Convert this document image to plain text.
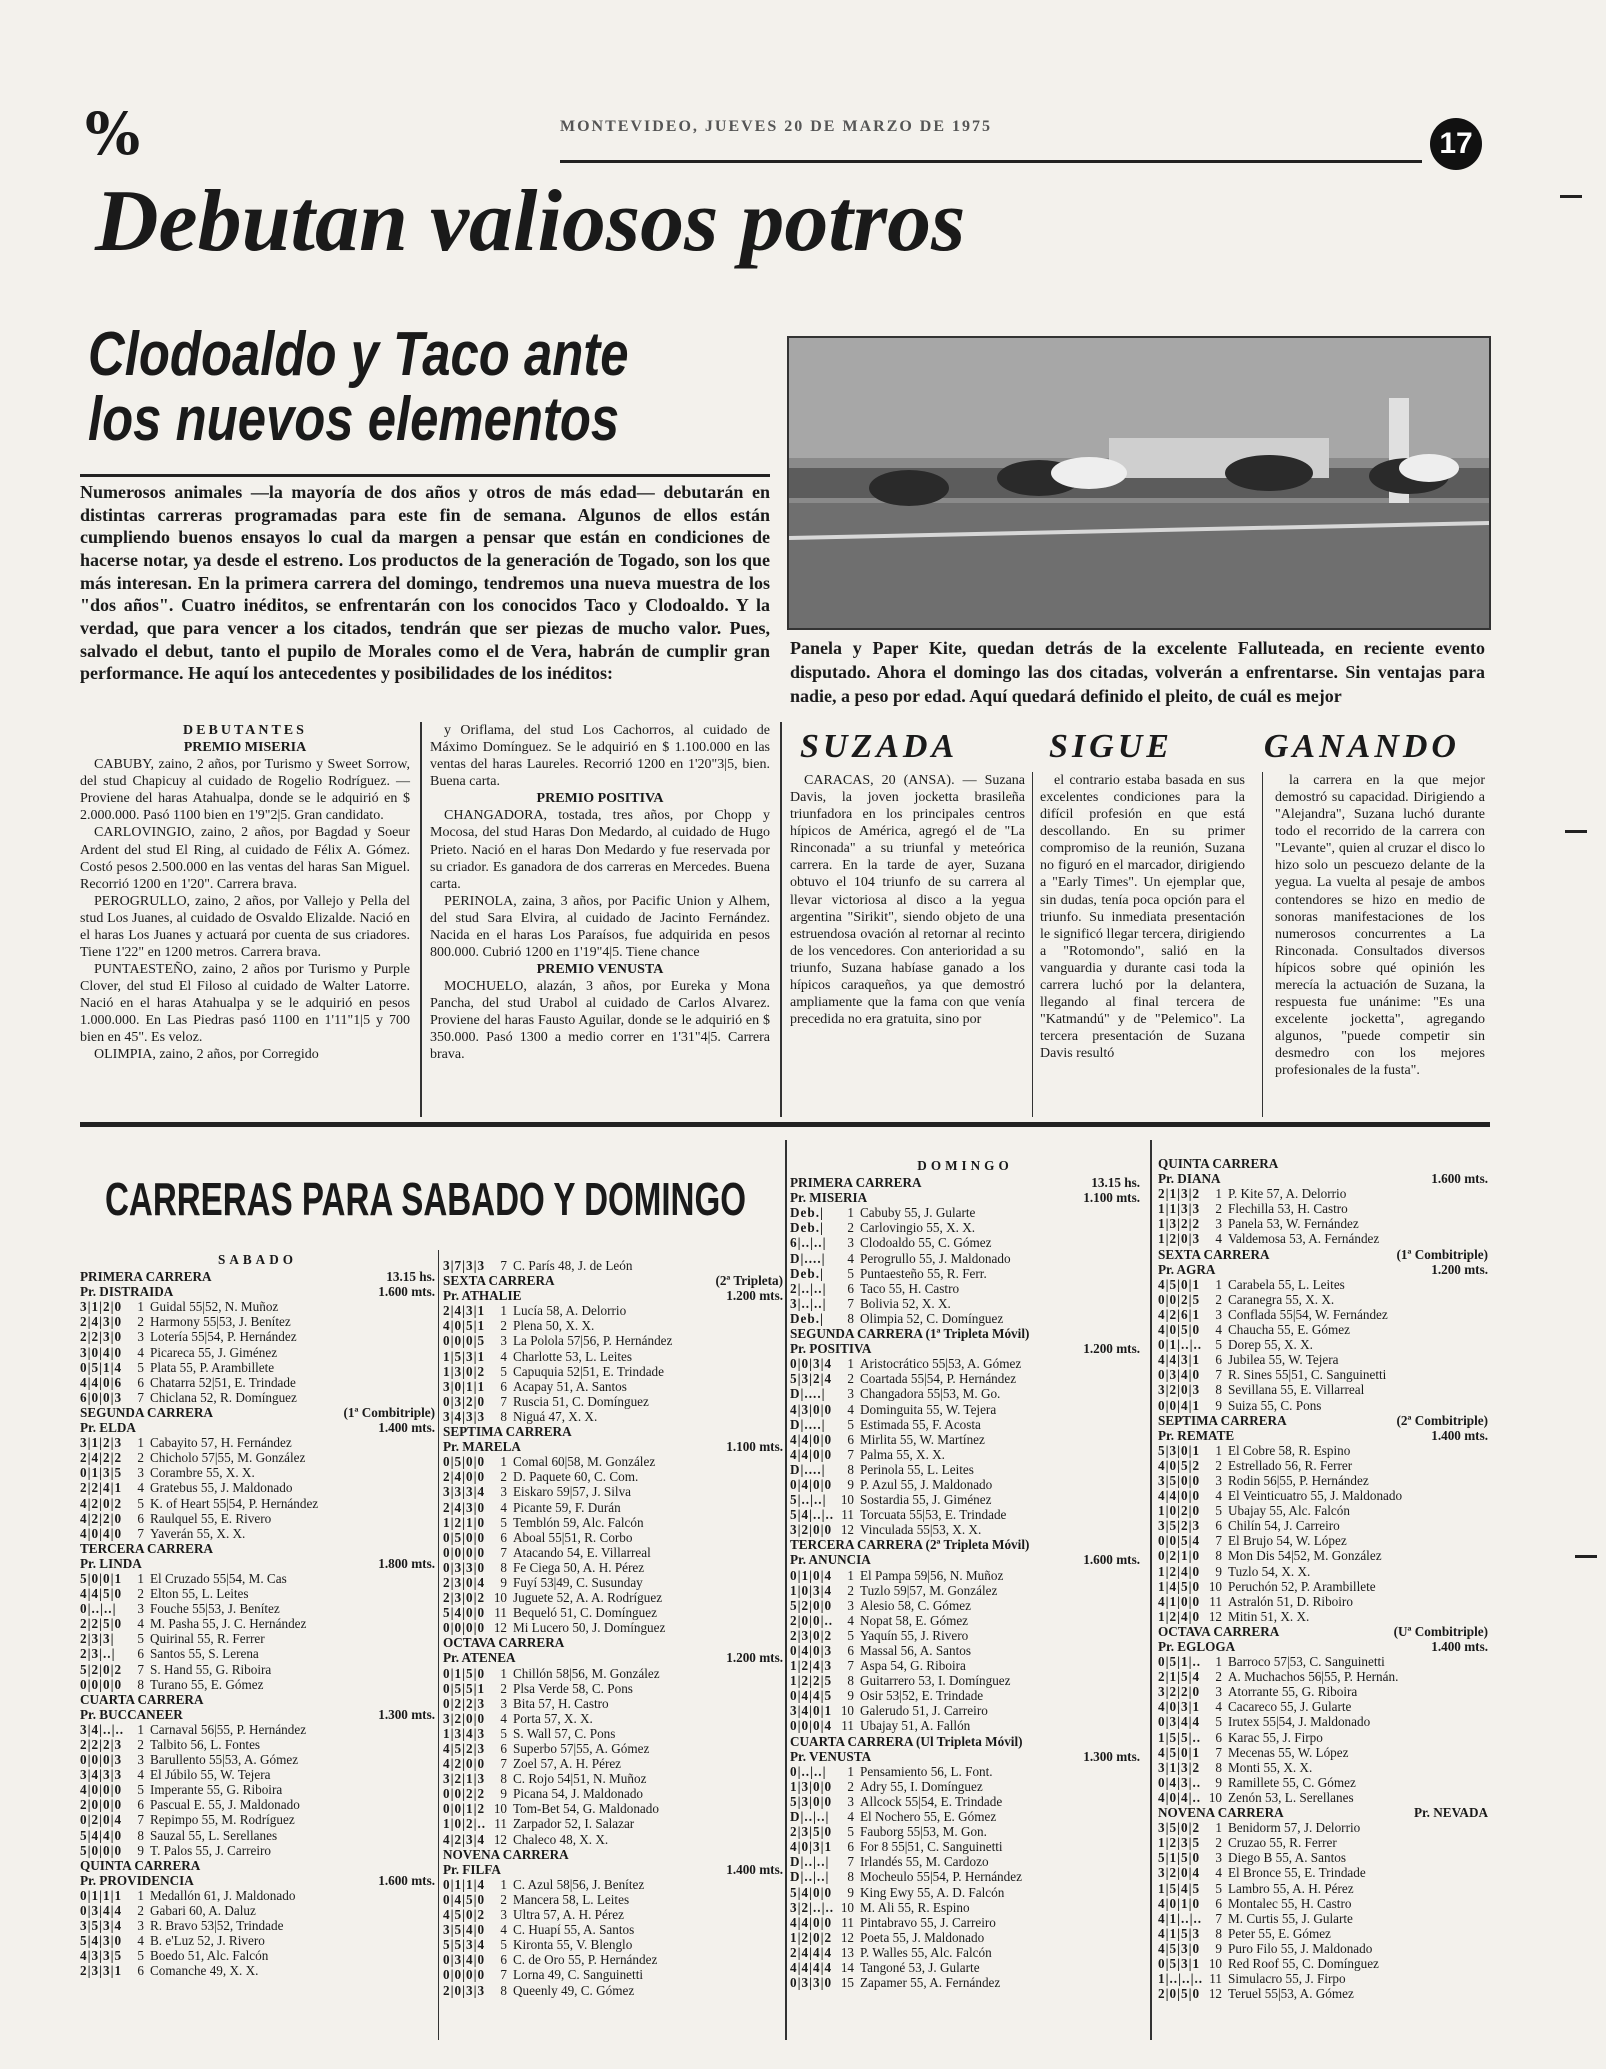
%	MONTEVIDEO, JUEVES 20 DE MARZO DE 1975
17
Debutan valiosos potros
Clodoaldo y Taco ante
los nuevos elementos
Numerosos animales —la mayoría de dos años y otros de más edad— debutarán en distintas carreras programadas para este fin de semana. Algunos de ellos están cumpliendo buenos ensayos lo cual da margen a pensar que están en condiciones de hacerse notar, ya desde el estreno. Los productos de la generación de Togado, son los que más interesan. En la primera carrera del domingo, tendremos una nueva muestra de los "dos años". Cuatro inéditos, se enfrentarán con los conocidos Taco y Clodoaldo. Y la verdad, que para vencer a los citados, tendrán que ser piezas de mucho valor. Pues, salvado el debut, tanto el pupilo de Morales como el de Vera, habrán de cumplir gran performance. He aquí los antecedentes y posibilidades de los inéditos:
Panela y Paper Kite, quedan detrás de la excelente Falluteada, en reciente evento disputado. Ahora el domingo las dos citadas, volverán a enfrentarse. Sin ventajas para nadie, a peso por edad. Aquí quedará definido el pleito, de cuál es mejor

DEBUTANTES

PREMIO MISERIA

CABUBY, zaino, 2 años, por Turismo y Sweet Sorrow, del stud Chapicuy al cuidado de Rogelio Rodríguez. — Proviene del haras Atahualpa, donde se le adquirió en $ 2.000.000. Pasó 1100 bien en 1'9"2|5. Gran candidato.

CARLOVINGIO, zaino, 2 años, por Bagdad y Soeur Ardent del stud El Ring, al cuidado de Félix A. Gómez. Costó pesos 2.500.000 en las ventas del haras San Miguel. Recorrió 1200 en 1'20". Carrera brava.

PEROGRULLO, zaino, 2 años, por Vallejo y Pella del stud Los Juanes, al cuidado de Osvaldo Elizalde. Nació en el haras Los Juanes y actuará por cuenta de sus criadores. Tiene 1'22" en 1200 metros. Carrera brava.

PUNTAESTEÑO, zaino, 2 años por Turismo y Purple Clover, del stud El Filoso al cuidado de Walter Latorre. Nació en el haras Atahualpa y se le adquirió en pesos 1.000.000. En Las Piedras pasó 1100 en 1'11"1|5 y 700 bien en 45". Es veloz.

OLIMPIA, zaino, 2 años, por Corregido

y Oriflama, del stud Los Cachorros, al cuidado de Máximo Domínguez. Se le adquirió en $ 1.100.000 en las ventas del haras Laureles. Recorrió 1200 en 1'20"3|5, bien. Buena carta.

PREMIO POSITIVA

CHANGADORA, tostada, tres años, por Chopp y Mocosa, del stud Haras Don Medardo, al cuidado de Hugo Prieto. Nació en el haras Don Medardo y fue reservada por su criador. Es ganadora de dos carreras en Mercedes. Buena carta.

PERINOLA, zaina, 3 años, por Pacific Union y Alhem, del stud Sara Elvira, al cuidado de Jacinto Fernández. Nacida en el haras Los Paraísos, fue adquirida en pesos 800.000. Cubrió 1200 en 1'19"4|5. Tiene chance

PREMIO VENUSTA

MOCHUELO, alazán, 3 años, por Eureka y Mona Pancha, del stud Urabol al cuidado de Carlos Alvarez. Proviene del haras Fausto Aguilar, donde se le adquirió en $ 350.000. Pasó 1300 a medio correr en 1'31"4|5. Carrera brava.

SUZADA	SIGUE	GANANDO

CARACAS, 20 (ANSA). — Suzana Davis, la joven jocketta brasileña triunfadora en los principales centros hípicos de América, agregó el de "La Rinconada" a su triunfal y meteórica carrera. En la tarde de ayer, Suzana obtuvo el 104 triunfo de su carrera al llevar victoriosa al disco a la yegua argentina "Sirikit", siendo objeto de una estruendosa ovación al retornar al recinto de los vencedores. Con anterioridad a su triunfo, Suzana habíase ganado a los hípicos caraqueños, ya que demostró ampliamente que la fama con que venía precedida no era gratuita, sino por

el contrario estaba basada en sus excelentes condiciones para la difícil profesión en que está descollando. En su primer compromiso de la reunión, Suzana no figuró en el marcador, dirigiendo a "Early Times". Un ejemplar que, sin dudas, tenía poca opción para el triunfo. Su inmediata presentación le significó llegar tercera, dirigiendo a "Rotomondo", salió en la vanguardia y durante casi toda la carrera luchó por la delantera, llegando al final tercera de "Katmandú" y de "Pelemico". La tercera presentación de Suzana Davis resultó

la carrera en la que mejor demostró su capacidad. Dirigiendo a "Alejandra", Suzana luchó durante todo el recorrido de la carrera con "Levante", quien al cruzar el disco lo hizo solo un pescuezo delante de la yegua. La vuelta al pesaje de ambos contendores se hizo en medio de sonoras manifestaciones de los numerosos concurrentes a La Rinconada. Consultados diversos hípicos sobre qué opinión les merecía la actuación de Suzana, la respuesta fue unánime: "Es una excelente jocketta", agregando algunos, "puede competir sin desmedro con los mejores profesionales de la fusta".

CARRERAS PARA SABADO Y DOMINGO
SABADO
PRIMERA CARRERA	13.15 hs.
Pr. DISTRAIDA	1.600 mts.
3|1|2|0	1 Guidal 55|52, N. Muñoz
2|4|3|0	2 Harmony 55|53, J. Benítez
2|2|3|0	3 Lotería 55|54, P. Hernández
3|0|4|0	4 Picareca 55, J. Giménez
0|5|1|4	5 Plata 55, P. Arambillete
4|4|0|6	6 Chatarra 52|51, E. Trindade
6|0|0|3	7 Chiclana 52, R. Domínguez
SEGUNDA CARRERA	(1ª Combitriple)
Pr. ELDA	1.400 mts.
3|1|2|3	1 Cabayito 57, H. Fernández
2|4|2|2	2 Chicholo 57|55, M. González
0|1|3|5	3 Corambre 55, X. X.
2|2|4|1	4 Gratebus 55, J. Maldonado
4|2|0|2	5 K. of Heart 55|54, P. Hernández
4|2|2|0	6 Raulquel 55, E. Rivero
4|0|4|0	7 Yaverán 55, X. X.
TERCERA CARRERA
Pr. LINDA	1.800 mts.
5|0|0|1	1 El Cruzado 55|54, M. Cas
4|4|5|0	2 Elton 55, L. Leites
0|..|..|	3 Fouche 55|53, J. Benítez
2|2|5|0	4 M. Pasha 55, J. C. Hernández
2|3|3|	5 Quirinal 55, R. Ferrer
2|3|..|	6 Santos 55, S. Lerena
5|2|0|2	7 S. Hand 55, G. Riboira
0|0|0|0	8 Turano 55, E. Gómez
CUARTA CARRERA
Pr. BUCCANEER	1.300 mts.
3|4|..|..	1 Carnaval 56|55, P. Hernández
2|2|2|3	2 Talbito 56, L. Fontes
0|0|0|3	3 Barullento 55|53, A. Gómez
3|4|3|3	4 El Júbilo 55, W. Tejera
4|0|0|0	5 Imperante 55, G. Riboira
2|0|0|0	6 Pascual E. 55, J. Maldonado
0|2|0|4	7 Repimpo 55, M. Rodríguez
5|4|4|0	8 Sauzal 55, L. Serellanes
5|0|0|0	9 T. Palos 55, J. Carreiro
QUINTA CARRERA
Pr. PROVIDENCIA	1.600 mts.
0|1|1|1	1 Medallón 61, J. Maldonado
0|3|4|4	2 Gabari 60, A. Daluz
3|5|3|4	3 R. Bravo 53|52, Trindade
5|4|3|0	4 B. e'Luz 52, J. Rivero
4|3|3|5	5 Boedo 51, Alc. Falcón
2|3|3|1	6 Comanche 49, X. X.
3|7|3|3	7 C. París 48, J. de León
SEXTA CARRERA	(2ª Tripleta)
Pr. ATHALIE	1.200 mts.
2|4|3|1	1 Lucía 58, A. Delorrio
4|0|5|1	2 Plena 50, X. X.
0|0|0|5	3 La Polola 57|56, P. Hernández
1|5|3|1	4 Charlotte 53, L. Leites
1|3|0|2	5 Capuquia 52|51, E. Trindade
3|0|1|1	6 Acapay 51, A. Santos
0|3|2|0	7 Ruscia 51, C. Domínguez
3|4|3|3	8 Niguá 47, X. X.
SEPTIMA CARRERA
Pr. MARELA	1.100 mts.
0|5|0|0	1 Comal 60|58, M. González
2|4|0|0	2 D. Paquete 60, C. Com.
3|3|3|4	3 Eiskaro 59|57, J. Silva
2|4|3|0	4 Picante 59, F. Durán
1|2|1|0	5 Temblón 59, Alc. Falcón
0|5|0|0	6 Aboal 55|51, R. Corbo
0|0|0|0	7 Atacando 54, E. Villarreal
0|3|3|0	8 Fe Ciega 50, A. H. Pérez
2|3|0|4	9 Fuyí 53|49, C. Susunday
2|3|0|2 10 Juguete 52, A. A. Rodríguez
5|4|0|0 11 Bequeló 51, C. Domínguez
0|0|0|0 12 Mi Lucero 50, J. Domínguez
OCTAVA CARRERA
Pr. ATENEA	1.200 mts.
0|1|5|0	1 Chillón 58|56, M. González
0|5|5|1	2 Plsa Verde 58, C. Pons
0|2|2|3	3 Bita 57, H. Castro
3|2|0|0	4 Porta 57, X. X.
1|3|4|3	5 S. Wall 57, C. Pons
4|5|2|3	6 Superbo 57|55, A. Gómez
4|2|0|0	7 Zoel 57, A. H. Pérez
3|2|1|3	8 C. Rojo 54|51, N. Muñoz
0|0|2|2	9 Picana 54, J. Maldonado
0|0|1|2 10 Tom-Bet 54, G. Maldonado
1|0|2|.. 11 Zarpador 52, I. Salazar
4|2|3|4 12 Chaleco 48, X. X.
NOVENA CARRERA
Pr. FILFA	1.400 mts.
0|1|1|4	1 C. Azul 58|56, J. Benítez
0|4|5|0	2 Mancera 58, L. Leites
4|5|0|2	3 Ultra 57, A. H. Pérez
3|5|4|0	4 C. Huapí 55, A. Santos
5|5|3|4	5 Kironta 55, V. Blenglo
0|3|4|0	6 C. de Oro 55, P. Hernández
0|0|0|0	7 Lorna 49, C. Sanguinetti
2|0|3|3	8 Queenly 49, C. Gómez
DOMINGO
PRIMERA CARRERA	13.15 hs.
Pr. MISERIA	1.100 mts.
Deb.|	1 Cabuby 55, J. Gularte
Deb.|	2 Carlovingio 55, X. X.
6|..|..|	3 Clodoaldo 55, C. Gómez
D|....|	4 Perogrullo 55, J. Maldonado
Deb.|	5 Puntaesteño 55, R. Ferr.
2|..|..|	6 Taco 55, H. Castro
3|..|..|	7 Bolivia 52, X. X.
Deb.|	8 Olimpia 52, C. Domínguez
SEGUNDA CARRERA (1ª Tripleta Móvil)
Pr. POSITIVA	1.200 mts.
0|0|3|4	1 Aristocrático 55|53, A. Gómez
5|3|2|4	2 Coartada 55|54, P. Hernández
D|....|	3 Changadora 55|53, M. Go.
4|3|0|0	4 Dominguita 55, W. Tejera
D|....|	5 Estimada 55, F. Acosta
4|4|0|0	6 Mirlita 55, W. Martínez
4|4|0|0	7 Palma 55, X. X.
D|....|	8 Perinola 55, L. Leites
0|4|0|0	9 P. Azul 55, J. Maldonado
5|..|..|	10 Sostardia 55, J. Giménez
5|4|..|.. 11 Torcuata 55|53, E. Trindade
3|2|0|0 12 Vinculada 55|53, X. X.
TERCERA CARRERA (2ª Tripleta Móvil)
Pr. ANUNCIA	1.600 mts.
0|1|0|4	1 El Pampa 59|56, N. Muñoz
1|0|3|4	2 Tuzlo 59|57, M. González
5|2|0|0	3 Alesio 58, C. Gómez
2|0|0|..	4 Nopat 58, E. Gómez
2|3|0|2	5 Yaquín 55, J. Rivero
0|4|0|3	6 Massal 56, A. Santos
1|2|4|3	7 Aspa 54, G. Riboira
1|2|2|5	8 Guitarrero 53, I. Domínguez
0|4|4|5	9 Osir 53|52, E. Trindade
3|4|0|1 10 Galerudo 51, J. Carreiro
0|0|0|4 11 Ubajay 51, A. Fallón
CUARTA CARRERA (Ul Tripleta Móvil)
Pr. VENUSTA	1.300 mts.
0|..|..|	1 Pensamiento 56, L. Font.
1|3|0|0	2 Adry 55, I. Domínguez
5|3|0|0	3 Allcock 55|54, E. Trindade
D|..|..|	4 El Nochero 55, E. Gómez
2|3|5|0	5 Fauborg 55|53, M. Gon.
4|0|3|1	6 For 8 55|51, C. Sanguinetti
D|..|..|	7 Irlandés 55, M. Cardozo
D|..|..|	8 Mocheulo 55|54, P. Hernández
5|4|0|0	9 King Ewy 55, A. D. Falcón
3|2|..|.. 10 M. Ali 55, R. Espino
4|4|0|0 11 Pintabravo 55, J. Carreiro
1|2|0|2 12 Poeta 55, J. Maldonado
2|4|4|4 13 P. Walles 55, Alc. Falcón
4|4|4|4 14 Tangoné 53, J. Gularte
0|3|3|0 15 Zapamer 55, A. Fernández
QUINTA CARRERA
Pr. DIANA	1.600 mts.
2|1|3|2	1 P. Kite 57, A. Delorrio
1|1|3|3	2 Flechilla 53, H. Castro
1|3|2|2	3 Panela 53, W. Fernández
1|2|0|3	4 Valdemosa 53, A. Fernández
SEXTA CARRERA	(1ª Combitriple)
Pr. AGRA	1.200 mts.
4|5|0|1	1 Carabela 55, L. Leites
0|0|2|5	2 Caranegra 55, X. X.
4|2|6|1	3 Conflada 55|54, W. Fernández
4|0|5|0	4 Chaucha 55, E. Gómez
0|1|..|..	5 Dorep 55, X. X.
4|4|3|1	6 Jubilea 55, W. Tejera
0|3|4|0	7 R. Sines 55|51, C. Sanguinetti
3|2|0|3	8 Sevillana 55, E. Villarreal
0|0|4|1	9 Suiza 55, C. Pons
SEPTIMA CARRERA	(2ª Combitriple)
Pr. REMATE	1.400 mts.
5|3|0|1	1 El Cobre 58, R. Espino
4|0|5|2	2 Estrellado 56, R. Ferrer
3|5|0|0	3 Rodin 56|55, P. Hernández
4|4|0|0	4 El Veinticuatro 55, J. Maldonado
1|0|2|0	5 Ubajay 55, Alc. Falcón
3|5|2|3	6 Chilín 54, J. Carreiro
0|0|5|4	7 El Brujo 54, W. López
0|2|1|0	8 Mon Dis 54|52, M. González
1|2|4|0	9 Tuzlo 54, X. X.
1|4|5|0 10 Peruchón 52, P. Arambillete
4|1|0|0 11 Astralón 51, D. Riboiro
1|2|4|0 12 Mitin 51, X. X.
OCTAVA CARRERA	(Uª Combitriple)
Pr. EGLOGA	1.400 mts.
0|5|1|..	1 Barroco 57|53, C. Sanguinetti
2|1|5|4	2 A. Muchachos 56|55, P. Hernán.
3|2|2|0	3 Atorrante 55, G. Riboira
4|0|3|1	4 Cacareco 55, J. Gularte
0|3|4|4	5 Irutex 55|54, J. Maldonado
1|5|5|..	6 Karac 55, J. Firpo
4|5|0|1	7 Mecenas 55, W. López
3|1|3|2	8 Monti 55, X. X.
0|4|3|..	9 Ramillete 55, C. Gómez
4|0|4|.. 10 Zenón 53, L. Serellanes
NOVENA CARRERA	Pr. NEVADA
3|5|0|2	1 Benidorm 57, J. Delorrio
1|2|3|5	2 Cruzao 55, R. Ferrer
5|1|5|0	3 Diego B 55, A. Santos
3|2|0|4	4 El Bronce 55, E. Trindade
1|5|4|5	5 Lambro 55, A. H. Pérez
4|0|1|0	6 Montalec 55, H. Castro
4|1|..|..	7 M. Curtis 55, J. Gularte
4|1|5|3	8 Peter 55, E. Gómez
4|5|3|0	9 Puro Filo 55, J. Maldonado
0|5|3|1 10 Red Roof 55, C. Domínguez
1|..|..|.. 11 Simulacro 55, J. Firpo
2|0|5|0 12 Teruel 55|53, A. Gómez
